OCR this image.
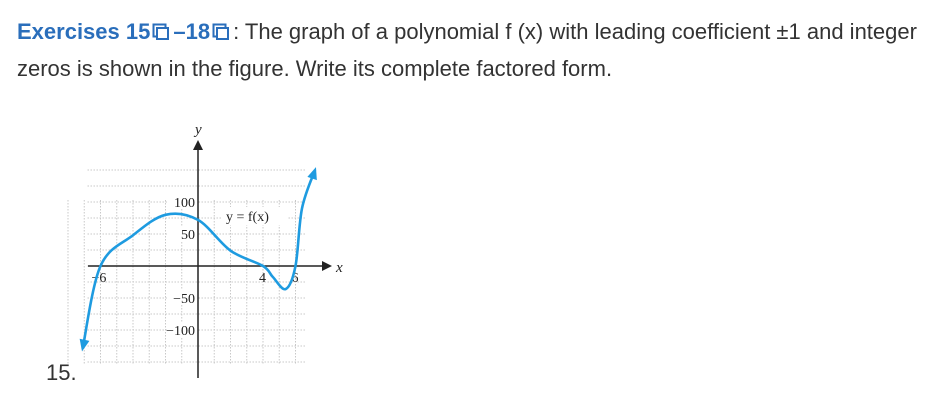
Exercises 15 –18 : The graph of a polynomial f (x) with leading coefficient ±1 and integer zeros is shown in the figure. Write its complete factored form.
x
y
−6	4 6
100
50
−50
−100
y = f(x)
15.
